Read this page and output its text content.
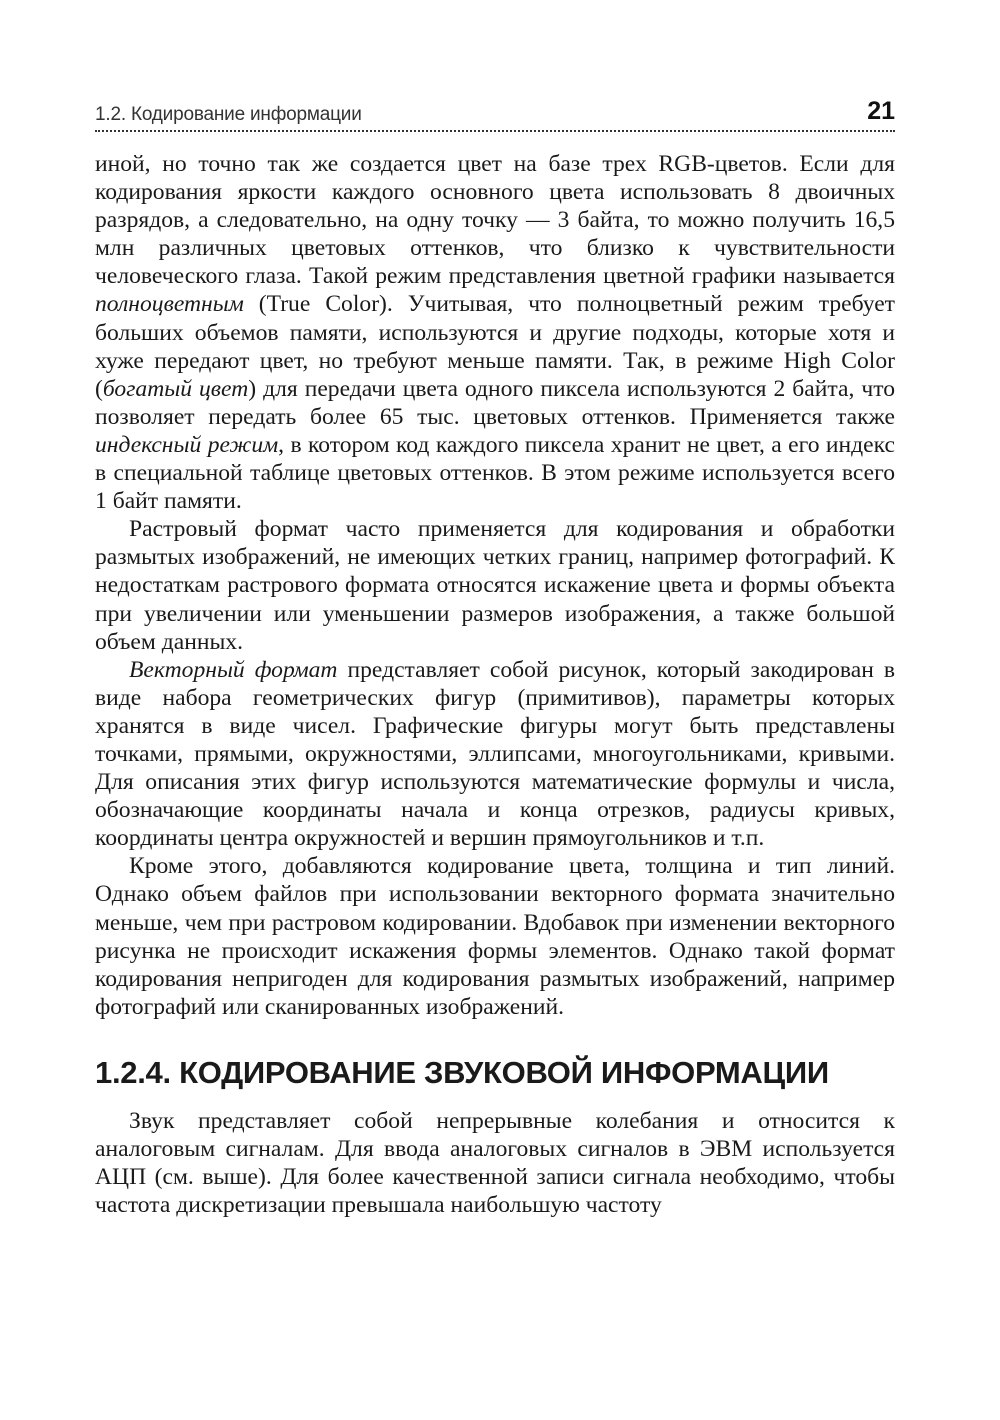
1.2. Кодирование информации	21

иной, но точно так же создается цвет на базе трех RGB-цветов. Если для кодирования яркости каждого основного цвета использовать 8 двоичных разрядов, а следовательно, на одну точку — 3 байта, то можно получить 16,5 млн различных цветовых оттенков, что близко к чувствительности человеческого глаза. Такой режим представления цветной графики называется полноцветным (True Color). Учитывая, что полноцветный режим требует больших объемов памяти, используются и другие подходы, которые хотя и хуже передают цвет, но требуют меньше памяти. Так, в режиме High Color (богатый цвет) для передачи цвета одного пиксела используются 2 байта, что позволяет передать более 65 тыс. цветовых оттенков. Применяется также индексный режим, в котором код каждого пиксела хранит не цвет, а его индекс в специальной таблице цветовых оттенков. В этом режиме используется всего 1 байт памяти.

Растровый формат часто применяется для кодирования и обработки размытых изображений, не имеющих четких границ, например фотографий. К недостаткам растрового формата относятся искажение цвета и формы объекта при увеличении или уменьшении размеров изображения, а также большой объем данных.

Векторный формат представляет собой рисунок, который закодирован в виде набора геометрических фигур (примитивов), параметры которых хранятся в виде чисел. Графические фигуры могут быть представлены точками, прямыми, окружностями, эллипсами, многоугольниками, кривыми. Для описания этих фигур используются математические формулы и числа, обозначающие координаты начала и конца отрезков, радиусы кривых, координаты центра окружностей и вершин прямоугольников и т.п.

Кроме этого, добавляются кодирование цвета, толщина и тип линий. Однако объем файлов при использовании векторного формата значительно меньше, чем при растровом кодировании. Вдобавок при изменении векторного рисунка не происходит искажения формы элементов. Однако такой формат кодирования непригоден для кодирования размытых изображений, например фотографий или сканированных изображений.

1.2.4. КОДИРОВАНИЕ ЗВУКОВОЙ ИНФОРМАЦИИ

Звук представляет собой непрерывные колебания и относится к аналоговым сигналам. Для ввода аналоговых сигналов в ЭВМ используется АЦП (см. выше). Для более качественной записи сигнала необходимо, чтобы частота дискретизации превышала наибольшую частоту
